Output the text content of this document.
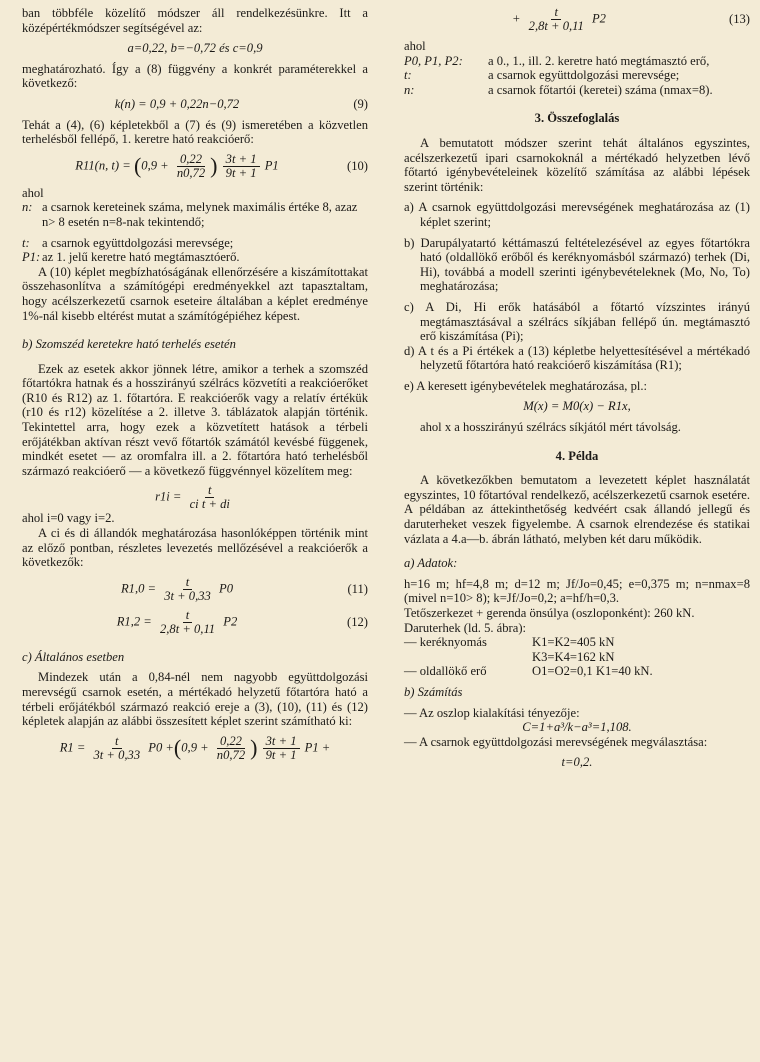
ban többféle közelítő módszer áll rendelkezésünkre. Itt a középértékmódszer segítségével az:

a=0,22, b=−0,72 és c=0,9

meghatározható. Így a (8) függvény a konkrét paraméterekkel a következő:

k(n) = 0,9 + 0,22n−0,72	(9)

Tehát a (4), (6) képletekből a (7) és (9) ismeretében a közvetlen terhelésből fellépő, 1. keretre ható reakcióerő:

R11(n, $t) = (0,9 + \frac{0,22}{n0,72}$ ) $\frac{3t + 1}{9t + 1} P1$	(10)

ahol

n: a csarnok kereteinek száma, melynek maximális értéke 8, azaz n> 8 esetén n=8-nak tekintendő;
t: a csarnok együttdolgozási merevsége;
P1: az 1. jelű keretre ható megtámasztóerő.

A (10) képlet megbízhatóságának ellenőrzésére a kiszámítottakat összehasonlítva a számítógépi eredményekkel azt tapasztaltam, hogy acélszerkezetű csarnok eseteire általában a képlet eredménye 1%-nál kisebb eltérést mutat a számítógépiéhez képest.

b) Szomszéd keretekre ható terhelés esetén

Ezek az esetek akkor jönnek létre, amikor a terhek a szomszéd főtartókra hatnak és a hosszirányú szélrács közvetíti a reakcióerőket (R10 és R12) az 1. főtartóra. E reakcióerők vagy a relatív értékük (r10 és r12) közelítése a 2. illetve 3. táblázatok alapján történik. Tekintettel arra, hogy ezek a közvetített hatások a térbeli erőjátékban aktívan részt vevő főtartók számától kevésbé függenek, mindkét esetet — az oromfalra ill. a 2. főtartóra ható terhelésből származó reakcióerő — a következő függvénnyel közelítem meg:

$r1i = \frac{t}{\text{ci t + di}}$

ahol i=0 vagy i=2.

A ci és di állandók meghatározása hasonlóképpen történik mint az előző pontban, részletes levezetés mellőzésével a reakcióerők a következők:

$R1,0 = \frac{t}{3t + 0,33} P0$	(11)
$R1,2 = \frac{t}{2,8t + 0,11} P2$	(12)

c) Általános esetben

Mindezek után a 0,84-nél nem nagyobb együttdolgozási merevségű csarnok esetén, a mértékadó helyzetű főtartóra ható a térbeli erőjátékból származó reakció ereje a (3), (10), (11) és (12) képletek alapján az alábbi összesített képlet szerint számítható ki:

$R1 = \frac{t}{3t + 0,33} P0 +(0,9 + \frac{0,22}{n0,72}$ ) $\frac{3t + 1}{9t + 1} P1$ +
+ $\frac{t}{2,8t + 0,11} P2$	(13)

ahol

P0, P1, P2:	a 0., 1., ill. 2. keretre ható megtámasztó erő,
t:	a csarnok együttdolgozási merevsége;
n:	a csarnok főtartói (keretei) száma (nmax=8).

3. Összefoglalás

A bemutatott módszer szerint tehát általános egyszintes, acélszerkezetű ipari csarnokoknál a mértékadó helyzetben lévő főtartó igénybevételeinek közelítő számítása az alábbi lépések szerint történik:

a) A csarnok együttdolgozási merevségének meghatározása az (1) képlet szerint;

b) Darupályatartó kéttámaszú feltételezésével az egyes főtartókra ható (oldallökő erőből és keréknyomásból származó) terhek (Di, Hi), továbbá a modell szerinti igénybevételeknek (Mo, No, To) meghatározása;

c) A Di, Hi erők hatásából a főtartó vízszintes irányú megtámasztásával a szélrács síkjában fellépő ún. megtámasztó erő kiszámítása (Pi);

d) A t és a Pi értékek a (13) képletbe helyettesítésével a mértékadó helyzetű főtartóra ható reakcióerő kiszámítása (R1);

e) A keresett igénybevételek meghatározása, pl.:

M(x) = M0(x) − R1x,

ahol x a hosszirányú szélrács síkjától mért távolság.

4. Példa

A következőkben bemutatom a levezetett képlet használatát egyszintes, 10 főtartóval rendelkező, acélszerkezetű csarnok esetére. A példában az áttekinthetőség kedvéért csak állandó jellegű és daruterheket veszek figyelembe. A csarnok elrendezése és statikai vázlata a 4.a—b. ábrán látható, melyben két daru működik.

a) Adatok:

h=16 m; hf=4,8 m; d=12 m; Jf/Jo=0,45; e=0,375 m; n=nmax=8 (mivel n=10> 8); k=Jf/Jo=0,2; a=hf/h=0,3.

Tetőszerkezet + gerenda önsúlya (oszloponként): 260 kN.

Daruterhek (ld. 5. ábra):

— keréknyomás	K1=K2=405 kN
K3=K4=162 kN
— oldallökő erő	O1=O2=0,1 K1=40 kN.

b) Számítás

— Az oszlop kialakítási tényezője:

C=1+a³/k−a³=1,108.

— A csarnok együttdolgozási merevségének megválasztása:

t=0,2.
